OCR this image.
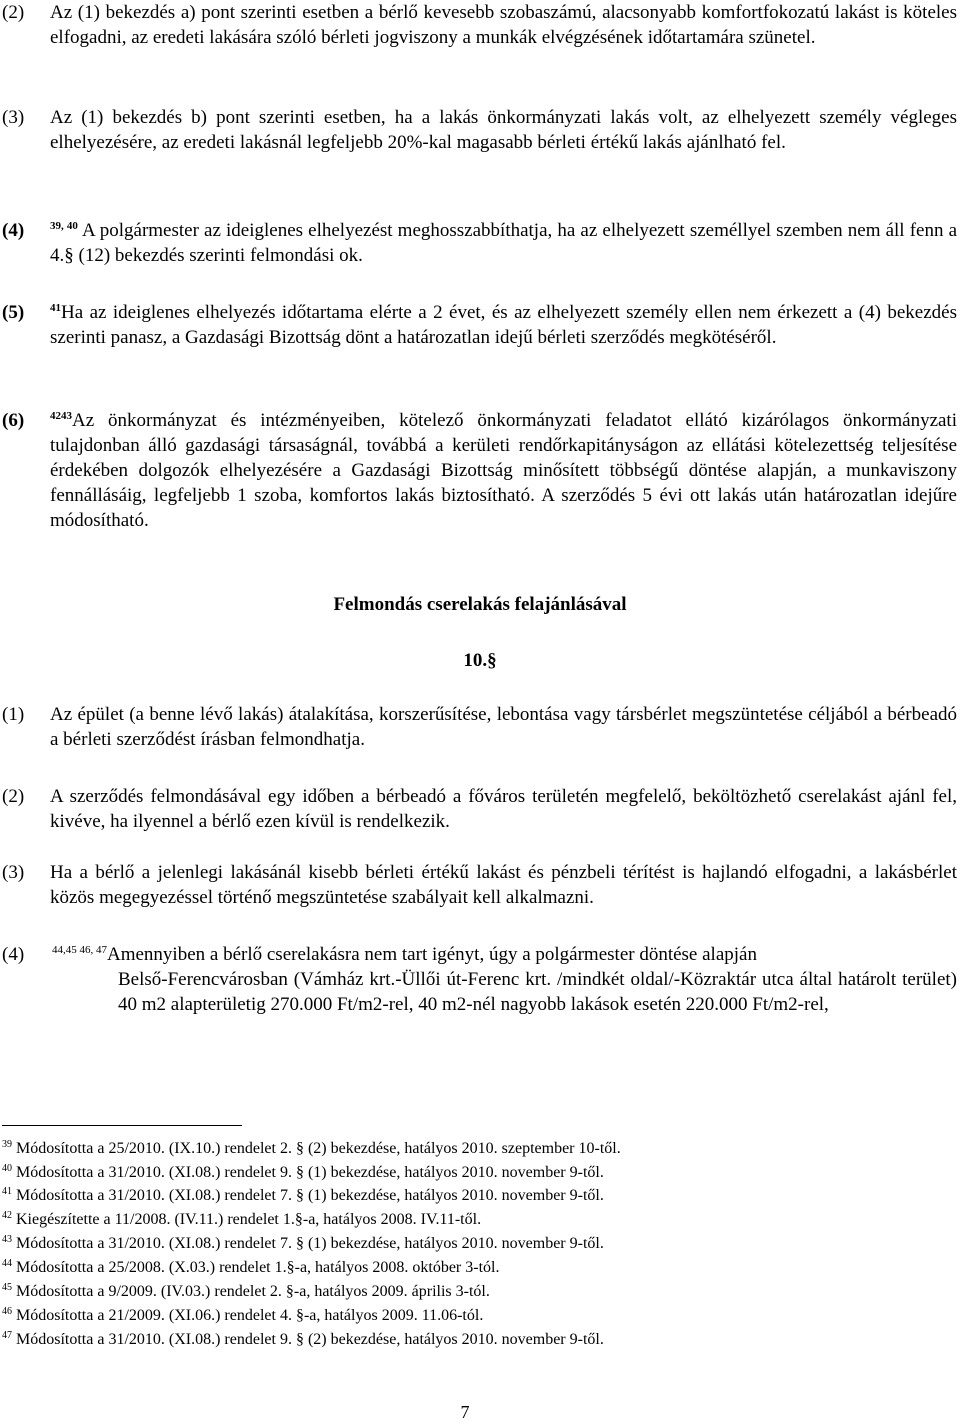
(2) Az (1) bekezdés a) pont szerinti esetben a bérlő kevesebb szobaszámú, alacsonyabb komfortfokozatú lakást is köteles elfogadni, az eredeti lakására szóló bérleti jogviszony a munkák elvégzésének időtartamára szünetel.
(3) Az (1) bekezdés b) pont szerinti esetben, ha a lakás önkormányzati lakás volt, az elhelyezett személy végleges elhelyezésére, az eredeti lakásnál legfeljebb 20%-kal magasabb bérleti értékű lakás ajánlható fel.
(4) $^{39, 40}$ A polgármester az ideiglenes elhelyezést meghosszabbíthatja, ha az elhelyezett személlyel szemben nem áll fenn a 4.§ (12) bekezdés szerinti felmondási ok.
(5) $^{41}$Ha az ideiglenes elhelyezés időtartama elérte a 2 évet, és az elhelyezett személy ellen nem érkezett a (4) bekezdés szerinti panasz, a Gazdasági Bizottság dönt a határozatlan idejű bérleti szerződés megkötéséről.
(6) $^{4243}$Az önkormányzat és intézményeiben, kötelező önkormányzati feladatot ellátó kizárólagos önkormányzati tulajdonban álló gazdasági társaságnál, továbbá a kerületi rendőrkapitányságon az ellátási kötelezettség teljesítése érdekében dolgozók elhelyezésére a Gazdasági Bizottság minősített többségű döntése alapján, a munkaviszony fennállásáig, legfeljebb 1 szoba, komfortos lakás biztosítható. A szerződés 5 évi ott lakás után határozatlan idejűre módosítható.
Felmondás cserelakás felajánlásával
10.§
(1) Az épület (a benne lévő lakás) átalakítása, korszerűsítése, lebontása vagy társbérlet megszüntetése céljából a bérbeadó a bérleti szerződést írásban felmondhatja.
(2) A szerződés felmondásával egy időben a bérbeadó a főváros területén megfelelő, beköltözhető cserelakást ajánl fel, kivéve, ha ilyennel a bérlő ezen kívül is rendelkezik.
(3) Ha a bérlő a jelenlegi lakásánál kisebb bérleti értékű lakást és pénzbeli térítést is hajlandó elfogadni, a lakásbérlet közös megegyezéssel történő megszüntetése szabályait kell alkalmazni.
(4)	$^{44,45 46, 47}$Amennyiben a bérlő cserelakásra nem tart igényt, úgy a polgármester döntése alapján
Belső-Ferencvárosban (Vámház krt.-Üllői út-Ferenc krt. /mindkét oldal/-Közraktár utca által határolt terület) 40 m2 alapterületig 270.000 Ft/m2-rel, 40 m2-nél nagyobb lakások esetén 220.000 Ft/m2-rel,
$^{39}$ Módosította a 25/2010. (IX.10.) rendelet 2. § (2) bekezdése, hatályos 2010. szeptember 10-től.
$^{40}$ Módosította a 31/2010. (XI.08.) rendelet 9. § (1) bekezdése, hatályos 2010. november 9-től.
$^{41}$ Módosította a 31/2010. (XI.08.) rendelet 7. § (1) bekezdése, hatályos 2010. november 9-től.
$^{42}$ Kiegészítette a 11/2008. (IV.11.) rendelet 1.§-a, hatályos 2008. IV.11-től.
$^{43}$ Módosította a 31/2010. (XI.08.) rendelet 7. § (1) bekezdése, hatályos 2010. november 9-től.
$^{44}$ Módosította a 25/2008. (X.03.) rendelet 1.§-a, hatályos 2008. október 3-tól.
$^{45}$ Módosította a 9/2009. (IV.03.) rendelet 2. §-a, hatályos 2009. április 3-tól.
$^{46}$ Módosította a 21/2009. (XI.06.) rendelet 4. §-a, hatályos 2009. 11.06-tól.
$^{47}$ Módosította a 31/2010. (XI.08.) rendelet 9. § (2) bekezdése, hatályos 2010. november 9-től.
7
